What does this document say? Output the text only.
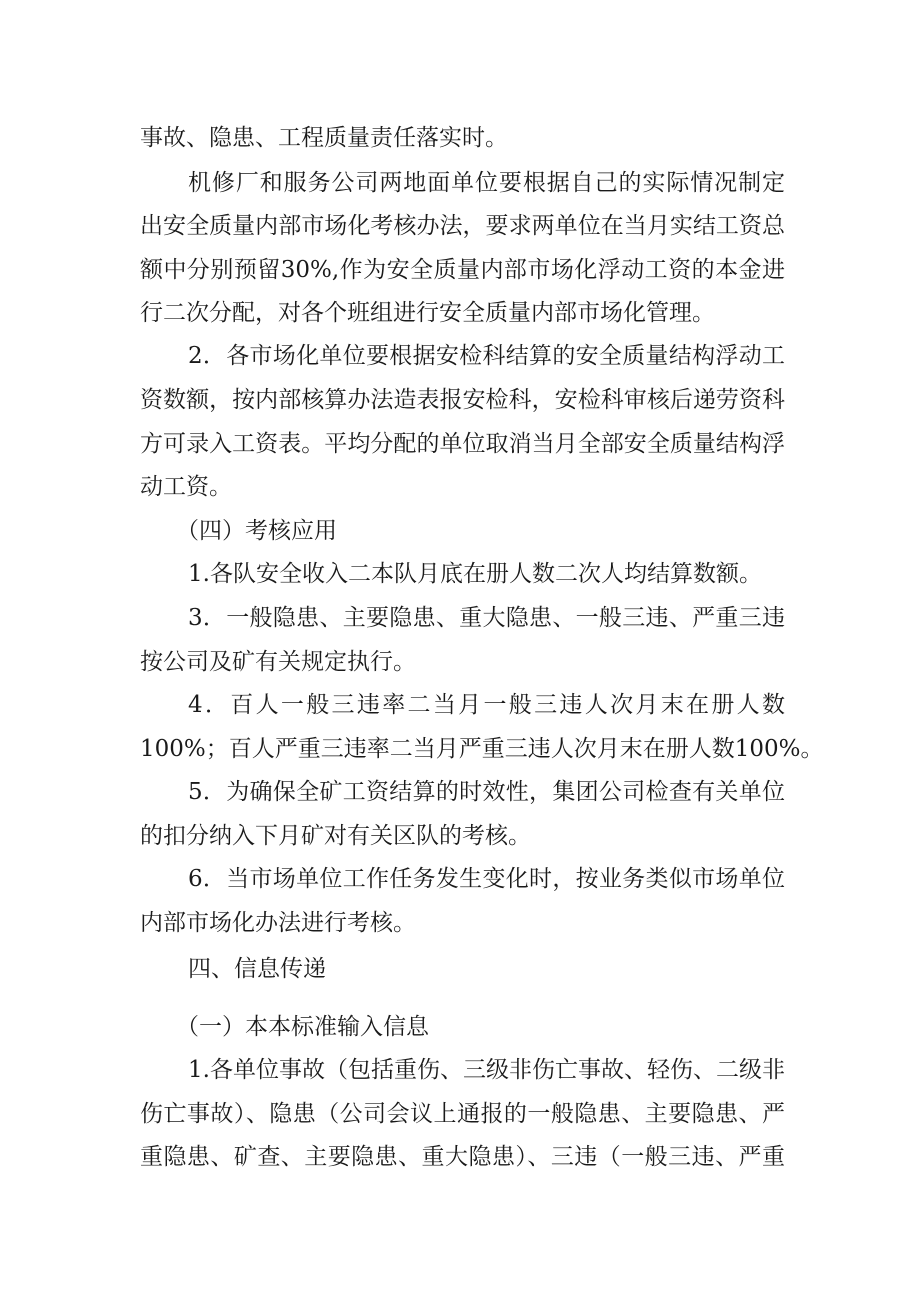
事故、隐患、工程质量责任落实时。
机修厂和服务公司两地面单位要根据自己的实际情况制定
出安全质量内部市场化考核办法，要求两单位在当月实结工资总
额中分别预留30%,作为安全质量内部市场化浮动工资的本金进
行二次分配，对各个班组进行安全质量内部市场化管理。
2．各市场化单位要根据安检科结算的安全质量结构浮动工
资数额，按内部核算办法造表报安检科，安检科审核后递劳资科
方可录入工资表。平均分配的单位取消当月全部安全质量结构浮
动工资。
（四）考核应用
1.各队安全收入二本队月底在册人数二次人均结算数额。
3．一般隐患、主要隐患、重大隐患、一般三违、严重三违
按公司及矿有关规定执行。
4．百人一般三违率二当月一般三违人次月末在册人数
100%；百人严重三违率二当月严重三违人次月末在册人数100%。
5．为确保全矿工资结算的时效性，集团公司检查有关单位
的扣分纳入下月矿对有关区队的考核。
6．当市场单位工作任务发生变化时，按业务类似市场单位
内部市场化办法进行考核。
四、信息传递
（一）本本标准输入信息
1.各单位事故（包括重伤、三级非伤亡事故、轻伤、二级非
伤亡事故）、隐患（公司会议上通报的一般隐患、主要隐患、严
重隐患、矿查、主要隐患、重大隐患）、三违（一般三违、严重
